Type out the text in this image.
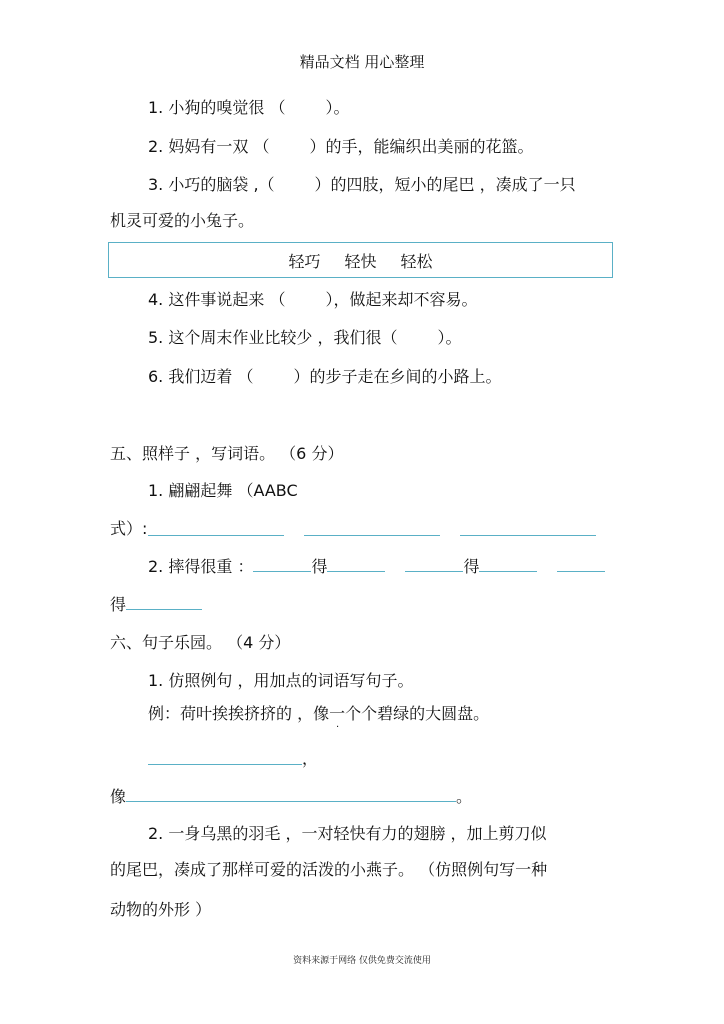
精品文档 用心整理
1. 小狗的嗅觉很 （	）。
2. 妈妈有一双 （	）的手，能编织出美丽的花篮。
3. 小巧的脑袋 ,（	）的四肢，短小的尾巴 ，凑成了一只
机灵可爱的小兔子。
轻巧 轻快 轻松
4. 这件事说起来 （	），做起来却不容易。
5. 这个周末作业比较少 ，我们很（	）。
6. 我们迈着 （	）的步子走在乡间的小路上。
五、照样子 ，写词语。 （6 分）
1. 翩翩起舞 （AABC
式）:
2. 摔得很重 ：	得	得
得
六、句子乐园。 （4 分）
1. 仿照例句 ，用加点的词语写句子。
例：荷叶挨挨挤挤的 ，像一个个碧绿的大圆盘。
·
，
像	。
2. 一身乌黑的羽毛 ，一对轻快有力的翅膀 ，加上剪刀似
的尾巴，凑成了那样可爱的活泼的小燕子。 （仿照例句写一种
动物的外形 ）
资料来源于网络 仅供免费交流使用
